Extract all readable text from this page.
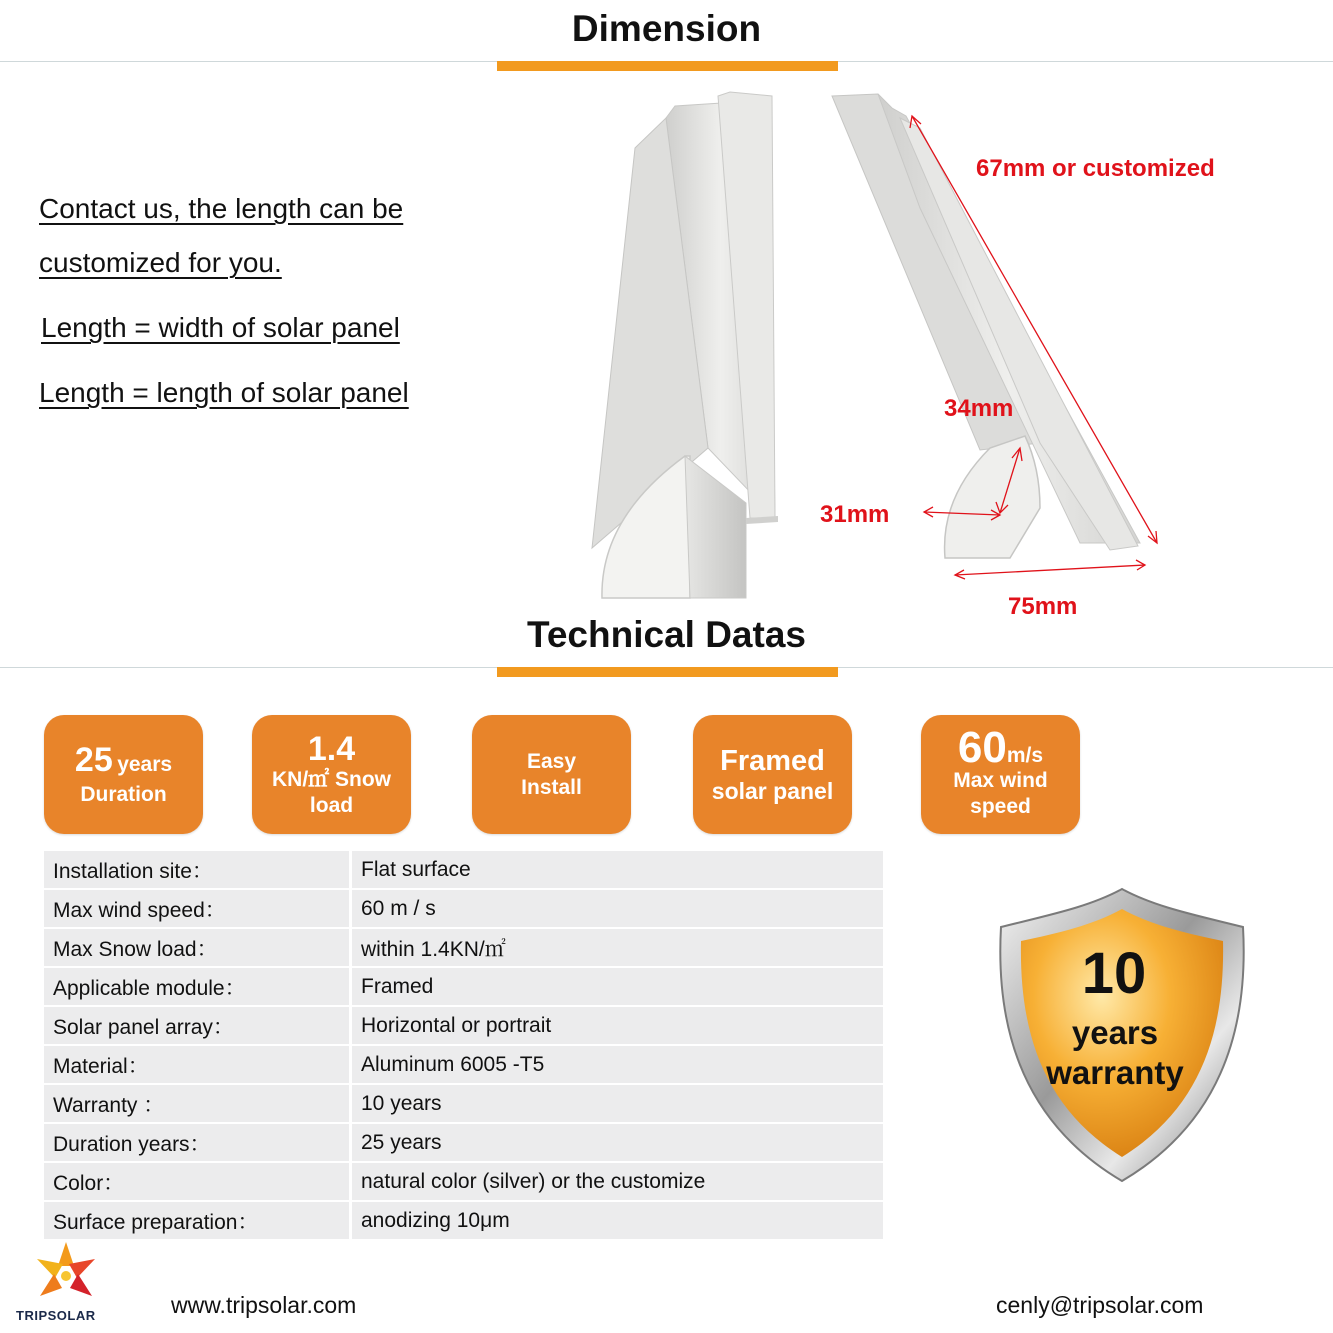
Dimension
Contact us, the length can be
customized for you.
Length = width of solar panel
Length = length of solar panel
67mm or customized
34mm
31mm
75mm
Technical Datas
25 years
Duration
1.4
KN/㎡ Snow
load
Easy
Install
Framed
solar panel
60m/s
Max wind
speed
Installation site：	Flat surface
Max wind speed：	60 m / s
Max Snow load：	within 1.4KN/㎡
Applicable module：	Framed
Solar panel array：	Horizontal or portrait
Material：	Aluminum 6005 -T5
Warranty ：	10 years
Duration years：	25 years
Color：	natural color (silver) or the customize
Surface preparation：	anodizing 10μm
10
years
warranty
TRIPSOLAR	www.tripsolar.com	cenly@tripsolar.com
